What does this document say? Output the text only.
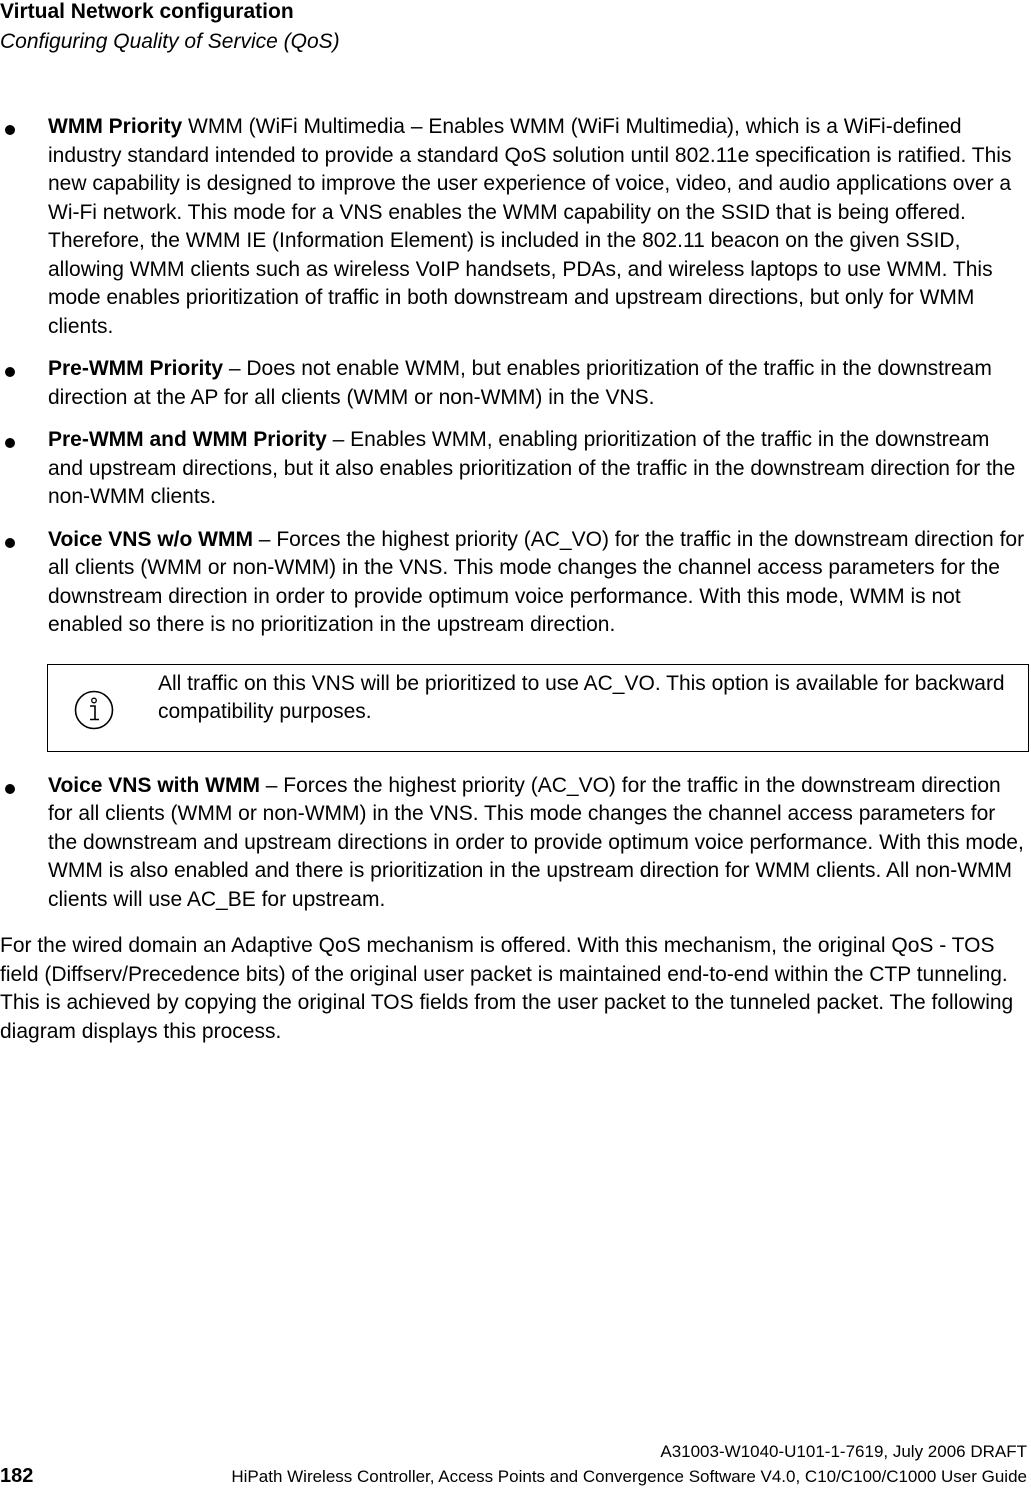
Virtual Network configuration
Configuring Quality of Service (QoS)
WMM Priority WMM (WiFi Multimedia – Enables WMM (WiFi Multimedia), which is a WiFi-defined industry standard intended to provide a standard QoS solution until 802.11e specification is ratified. This new capability is designed to improve the user experience of voice, video, and audio applications over a Wi-Fi network. This mode for a VNS enables the WMM capability on the SSID that is being offered. Therefore, the WMM IE (Information Element) is included in the 802.11 beacon on the given SSID, allowing WMM clients such as wireless VoIP handsets, PDAs, and wireless laptops to use WMM. This mode enables prioritization of traffic in both downstream and upstream directions, but only for WMM clients.
Pre-WMM Priority – Does not enable WMM, but enables prioritization of the traffic in the downstream direction at the AP for all clients (WMM or non-WMM) in the VNS.
Pre-WMM and WMM Priority – Enables WMM, enabling prioritization of the traffic in the downstream and upstream directions, but it also enables prioritization of the traffic in the downstream direction for the non-WMM clients.
Voice VNS w/o WMM – Forces the highest priority (AC_VO) for the traffic in the downstream direction for all clients (WMM or non-WMM) in the VNS. This mode changes the channel access parameters for the downstream direction in order to provide optimum voice performance. With this mode, WMM is not enabled so there is no prioritization in the upstream direction.
All traffic on this VNS will be prioritized to use AC_VO. This option is available for backward compatibility purposes.
Voice VNS with WMM – Forces the highest priority (AC_VO) for the traffic in the downstream direction for all clients (WMM or non-WMM) in the VNS. This mode changes the channel access parameters for the downstream and upstream directions in order to provide optimum voice performance. With this mode, WMM is also enabled and there is prioritization in the upstream direction for WMM clients. All non-WMM clients will use AC_BE for upstream.
For the wired domain an Adaptive QoS mechanism is offered. With this mechanism, the original QoS - TOS field (Diffserv/Precedence bits) of the original user packet is maintained end-to-end within the CTP tunneling. This is achieved by copying the original TOS fields from the user packet to the tunneled packet. The following diagram displays this process.
A31003-W1040-U101-1-7619, July 2006 DRAFT
182	HiPath Wireless Controller, Access Points and Convergence Software V4.0, C10/C100/C1000 User Guide
